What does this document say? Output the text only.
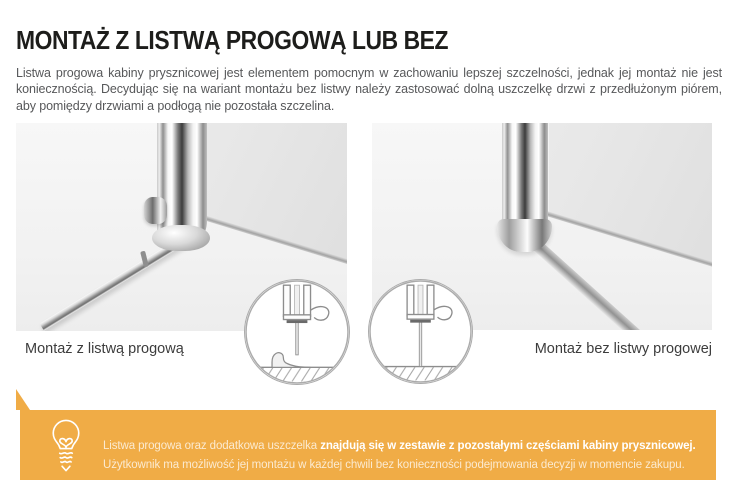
MONTAŻ Z LISTWĄ PROGOWĄ LUB BEZ

Listwa progowa kabiny prysznicowej jest elementem pomocnym w zachowaniu lepszej szczelności, jednak jej montaż nie jest koniecznością. Decydując się na wariant montażu bez listwy należy zastosować dolną uszczelkę drzwi z przedłużonym piórem, aby pomiędzy drzwiami a podłogą nie pozostała szczelina.

Montaż z listwą progową	Montaż bez listwy progowej

Listwa progowa oraz dodatkowa uszczelka znajdują się w zestawie z pozostałymi częściami kabiny prysznicowej.
Użytkownik ma możliwość jej montażu w każdej chwili bez konieczności podejmowania decyzji w momencie zakupu.
